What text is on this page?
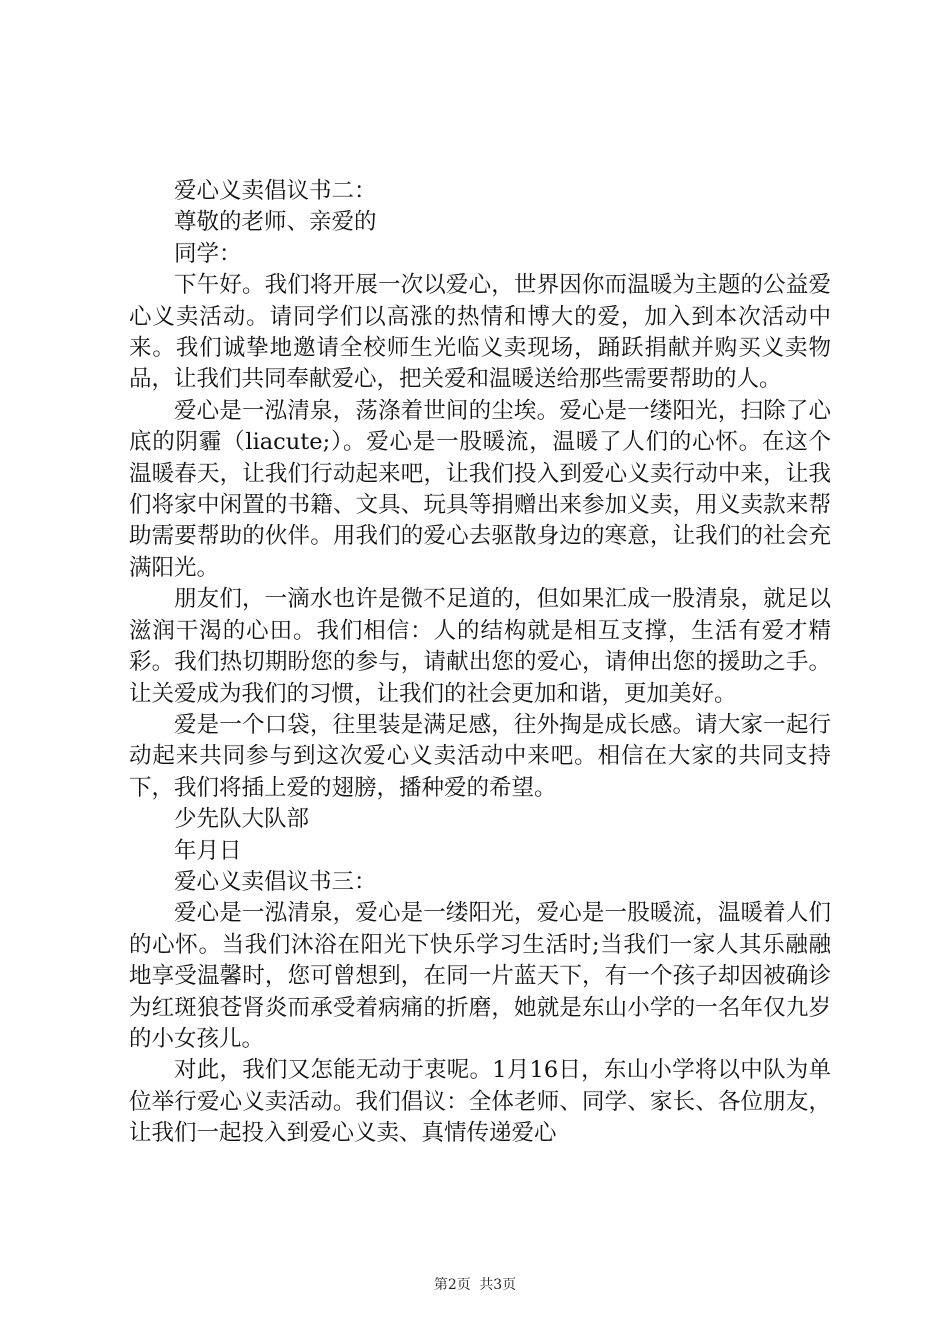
爱心义卖倡议书二：

尊敬的老师、亲爱的

同学：

下午好。我们将开展一次以爱心，世界因你而温暖为主题的公益爱心义卖活动。请同学们以高涨的热情和博大的爱，加入到本次活动中来。我们诚挚地邀请全校师生光临义卖现场，踊跃捐献并购买义卖物品，让我们共同奉献爱心，把关爱和温暖送给那些需要帮助的人。

爱心是一泓清泉，荡涤着世间的尘埃。爱心是一缕阳光，扫除了心底的阴霾（liacute;）。爱心是一股暖流，温暖了人们的心怀。在这个温暖春天，让我们行动起来吧，让我们投入到爱心义卖行动中来，让我们将家中闲置的书籍、文具、玩具等捐赠出来参加义卖，用义卖款来帮助需要帮助的伙伴。用我们的爱心去驱散身边的寒意，让我们的社会充满阳光。

朋友们，一滴水也许是微不足道的，但如果汇成一股清泉，就足以滋润干渴的心田。我们相信：人的结构就是相互支撑，生活有爱才精彩。我们热切期盼您的参与，请献出您的爱心，请伸出您的援助之手。让关爱成为我们的习惯，让我们的社会更加和谐，更加美好。

爱是一个口袋，往里装是满足感，往外掏是成长感。请大家一起行动起来共同参与到这次爱心义卖活动中来吧。相信在大家的共同支持下，我们将插上爱的翅膀，播种爱的希望。

少先队大队部

年月日

爱心义卖倡议书三：

爱心是一泓清泉，爱心是一缕阳光，爱心是一股暖流，温暖着人们的心怀。当我们沐浴在阳光下快乐学习生活时;当我们一家人其乐融融地享受温馨时，您可曾想到，在同一片蓝天下，有一个孩子却因被确诊为红斑狼苍肾炎而承受着病痛的折磨，她就是东山小学的一名年仅九岁的小女孩儿。

对此，我们又怎能无动于衷呢。1月16日，东山小学将以中队为单位举行爱心义卖活动。我们倡议：全体老师、同学、家长、各位朋友，让我们一起投入到爱心义卖、真情传递爱心

第2页 共3页
